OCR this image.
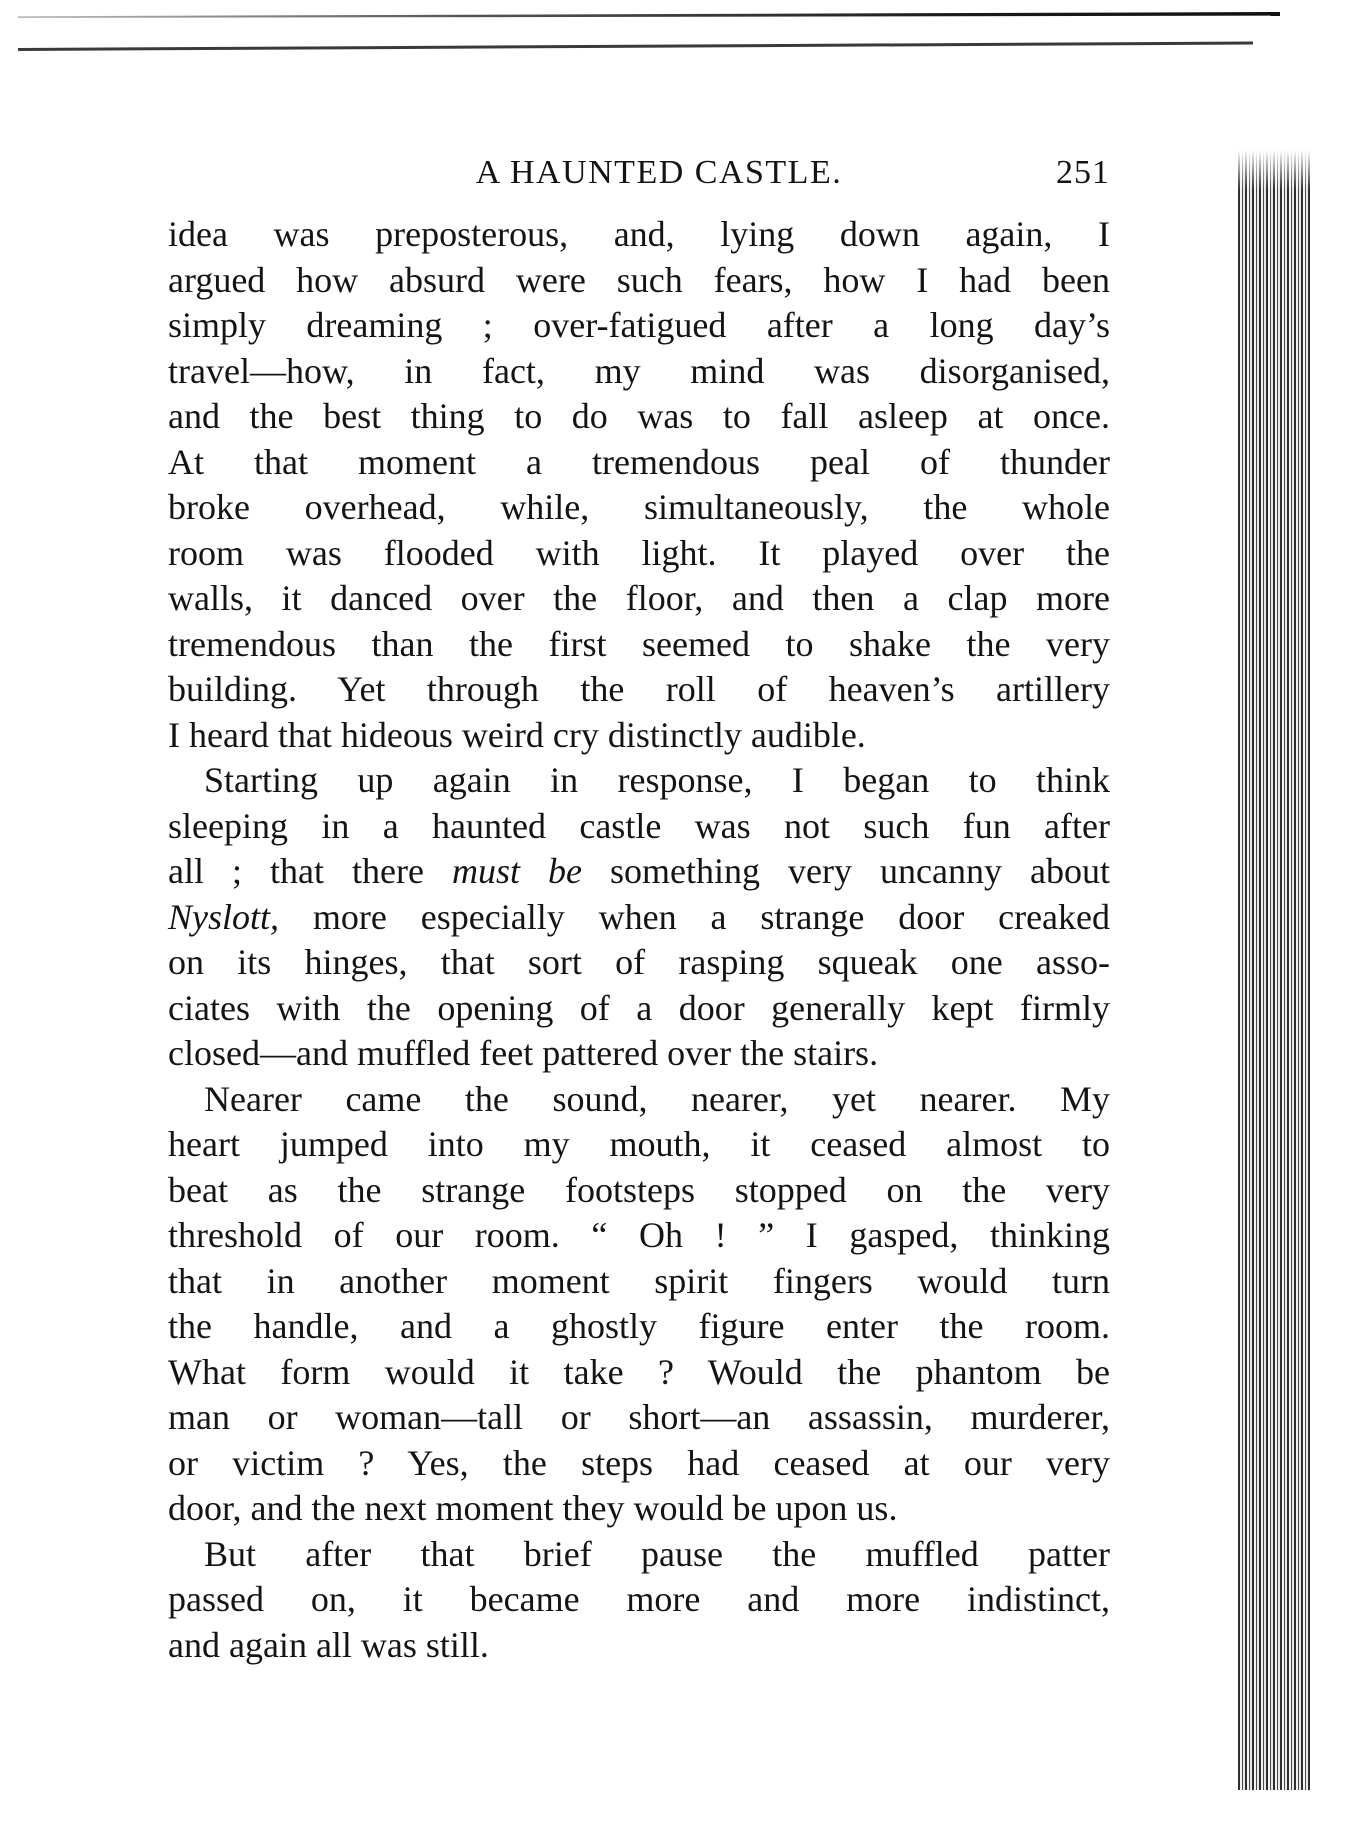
A HAUNTED CASTLE.	251
idea was preposterous, and, lying down again, I
argued how absurd were such fears, how I had been
simply dreaming ; over-fatigued after a long day’s
travel—how, in fact, my mind was disorganised,
and the best thing to do was to fall asleep at once.
At that moment a tremendous peal of thunder
broke overhead, while, simultaneously, the whole
room was flooded with light. It played over the
walls, it danced over the floor, and then a clap more
tremendous than the first seemed to shake the very
building. Yet through the roll of heaven’s artillery
I heard that hideous weird cry distinctly audible.
Starting up again in response, I began to think
sleeping in a haunted castle was not such fun after
all ; that there must be something very uncanny about
Nyslott, more especially when a strange door creaked
on its hinges, that sort of rasping squeak one asso-
ciates with the opening of a door generally kept firmly
closed—and muffled feet pattered over the stairs.
Nearer came the sound, nearer, yet nearer. My
heart jumped into my mouth, it ceased almost to
beat as the strange footsteps stopped on the very
threshold of our room. “ Oh ! ” I gasped, thinking
that in another moment spirit fingers would turn
the handle, and a ghostly figure enter the room.
What form would it take ? Would the phantom be
man or woman—tall or short—an assassin, murderer,
or victim ? Yes, the steps had ceased at our very
door, and the next moment they would be upon us.
But after that brief pause the muffled patter
passed on, it became more and more indistinct,
and again all was still.
